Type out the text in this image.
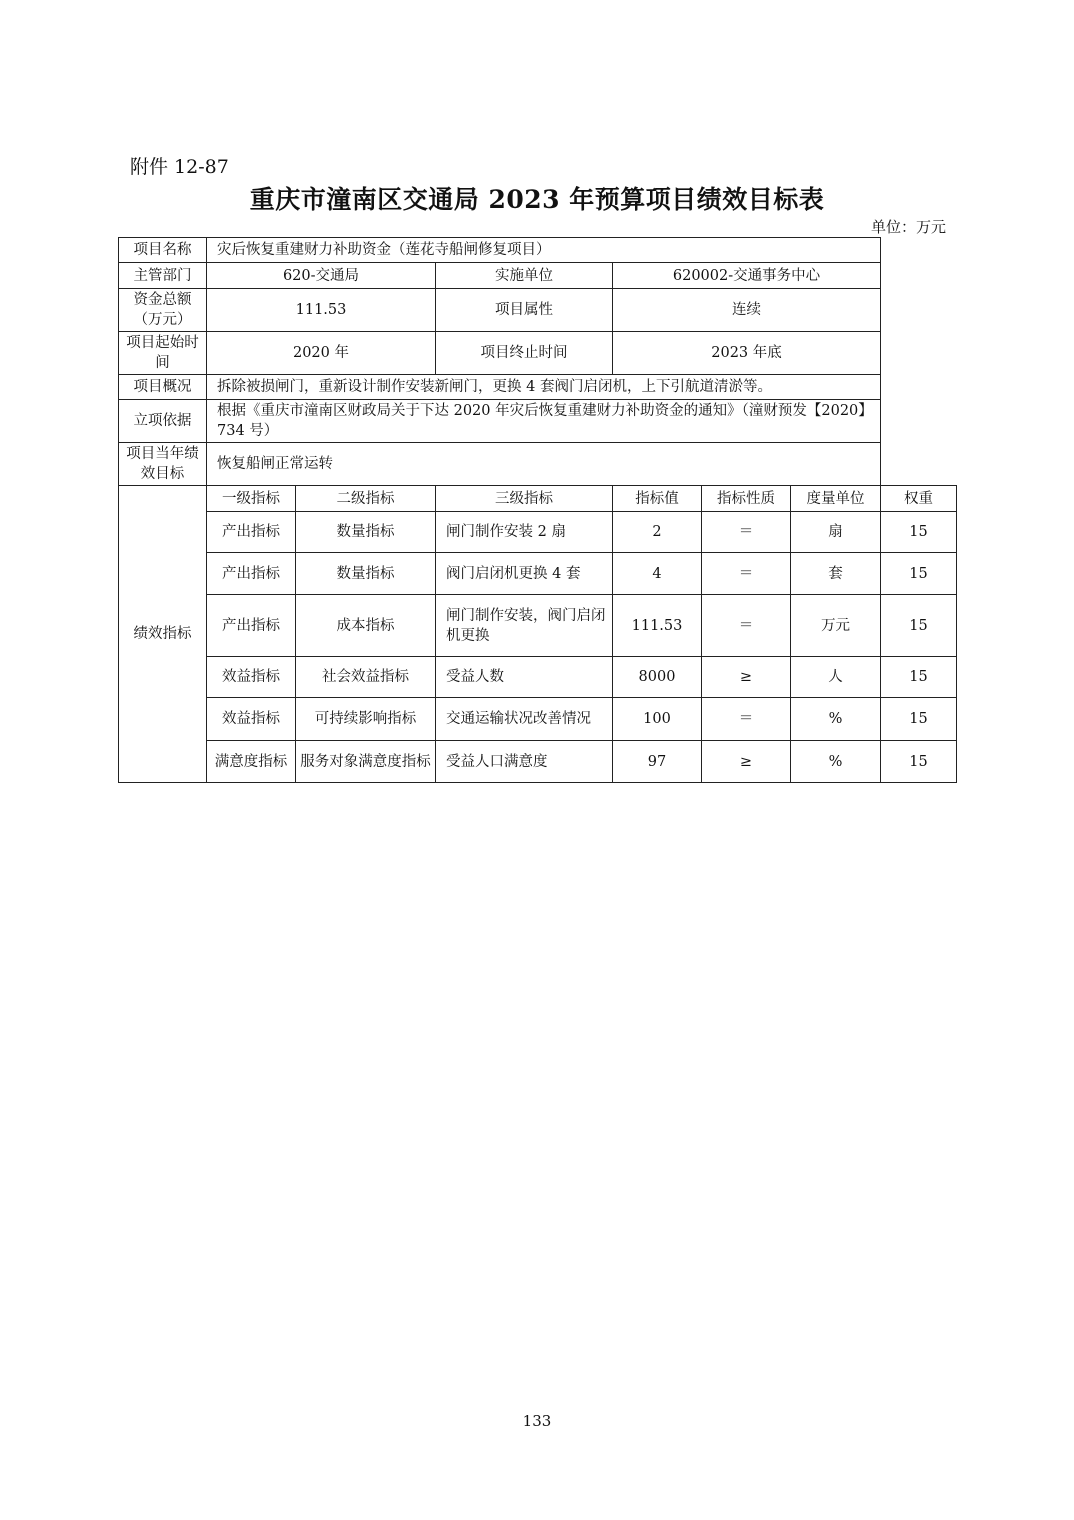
附件 12-87
重庆市潼南区交通局 2023 年预算项目绩效目标表
单位：万元
项目名称	灾后恢复重建财力补助资金（莲花寺船闸修复项目）						
主管部门	620-交通局		实施单位	620002-交通事务中心			
资金总额（万元）	111.53		项目属性	连续			
项目起始时间	2020 年		项目终止时间	2023 年底			
项目概况	拆除被损闸门，重新设计制作安装新闸门，更换 4 套阀门启闭机，上下引航道清淤等。						
立项依据	根据《重庆市潼南区财政局关于下达 2020 年灾后恢复重建财力补助资金的通知》（潼财预发【2020】734 号）						
项目当年绩效目标	恢复船闸正常运转						
绩效指标	一级指标	二级指标	三级指标	指标值	指标性质	度量单位	权重
	产出指标	数量指标	闸门制作安装 2 扇	2	＝	扇	15
	产出指标	数量指标	阀门启闭机更换 4 套	4	＝	套	15
	产出指标	成本指标	闸门制作安装，阀门启闭机更换	111.53	＝	万元	15
	效益指标	社会效益指标	受益人数	8000	≥	人	15
	效益指标	可持续影响指标	交通运输状况改善情况	100	＝	%	15
	满意度指标	服务对象满意度指标	受益人口满意度	97	≥	%	15
133
